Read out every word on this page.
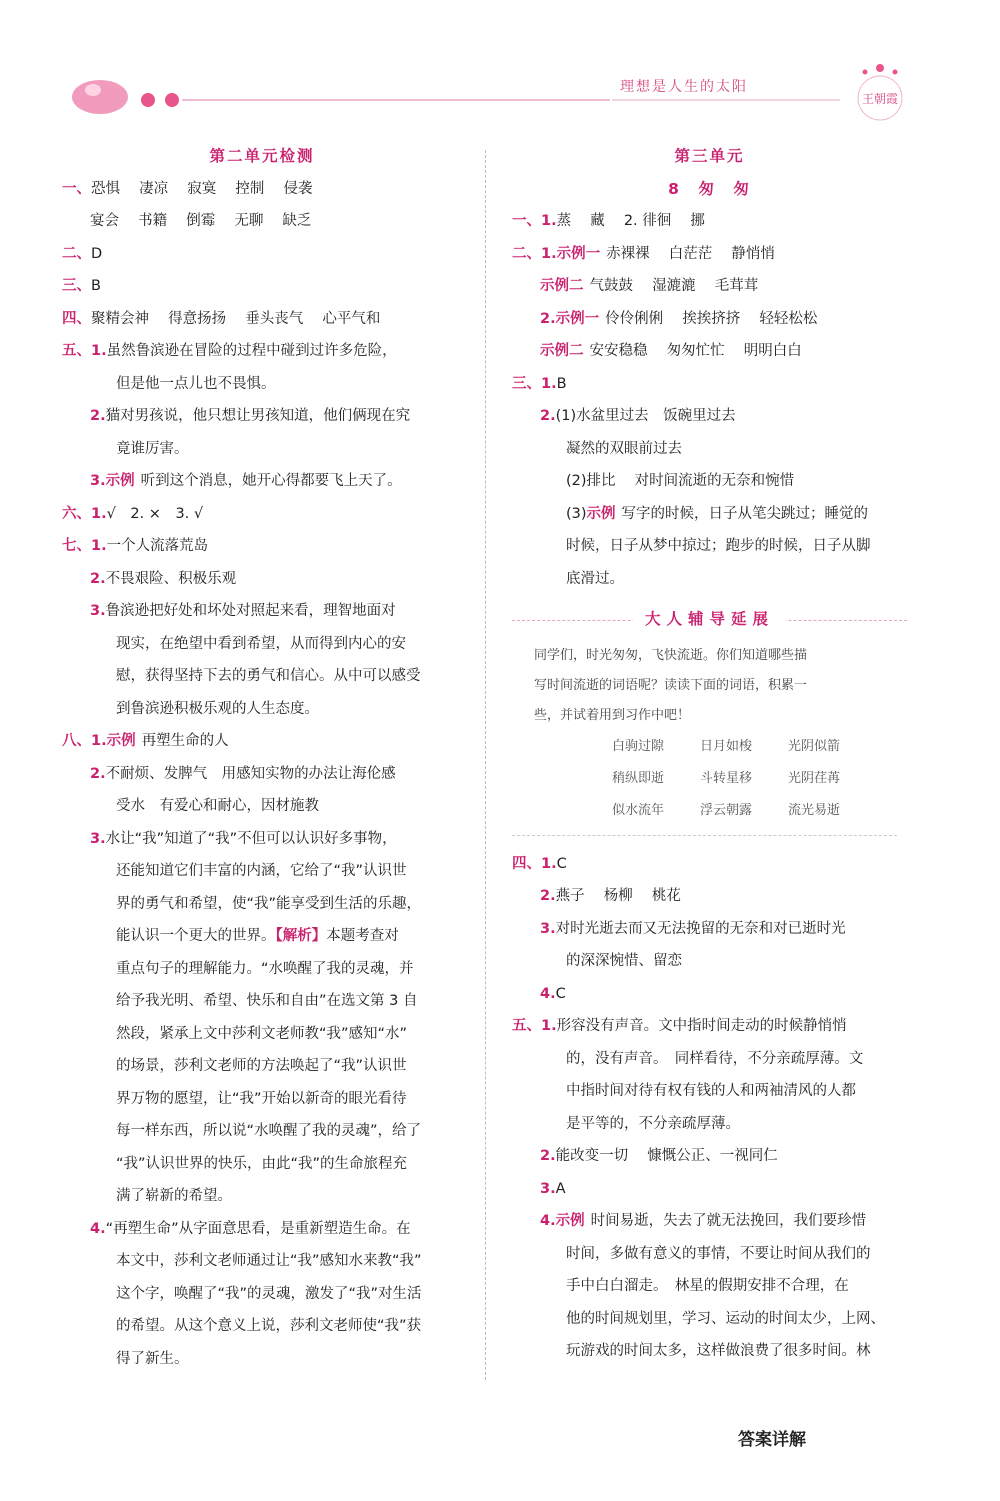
王朝霞
理想是人生的太阳
第二单元检测
一、恐惧　 凄凉　 寂寞　 控制　 侵袭
宴会　 书籍　 倒霉　 无聊　 缺乏
二、D
三、B
四、聚精会神　 得意扬扬　 垂头丧气　 心平气和
五、1.虽然鲁滨逊在冒险的过程中碰到过许多危险，
但是他一点儿也不畏惧。
2.猫对男孩说，他只想让男孩知道，他们俩现在究
竟谁厉害。
3.示例 听到这个消息，她开心得都要飞上天了。
六、1.√　2. ×　3. √
七、1.一个人流落荒岛
2.不畏艰险、积极乐观
3.鲁滨逊把好处和坏处对照起来看，理智地面对
现实，在绝望中看到希望，从而得到内心的安
慰，获得坚持下去的勇气和信心。从中可以感受
到鲁滨逊积极乐观的人生态度。
八、1.示例 再塑生命的人
2.不耐烦、发脾气　用感知实物的办法让海伦感
受水　有爱心和耐心，因材施教
3.水让“我”知道了“我”不但可以认识好多事物，
还能知道它们丰富的内涵，它给了“我”认识世
界的勇气和希望，使“我”能享受到生活的乐趣，
能认识一个更大的世界。【解析】本题考查对
重点句子的理解能力。“水唤醒了我的灵魂，并
给予我光明、希望、快乐和自由”在选文第 3 自
然段，紧承上文中莎利文老师教“我”感知“水”
的场景，莎利文老师的方法唤起了“我”认识世
界万物的愿望，让“我”开始以新奇的眼光看待
每一样东西，所以说“水唤醒了我的灵魂”，给了
“我”认识世界的快乐，由此“我”的生命旅程充
满了崭新的希望。
4.“再塑生命”从字面意思看，是重新塑造生命。在
本文中，莎利文老师通过让“我”感知水来教“我”
这个字，唤醒了“我”的灵魂，激发了“我”对生活
的希望。从这个意义上说，莎利文老师使“我”获
得了新生。
第三单元
8　匆　匆
一、1.蒸　 藏　 2. 徘徊　 挪
二、1.示例一 赤裸裸　 白茫茫　 静悄悄
示例二 气鼓鼓　 湿漉漉　 毛茸茸
2.示例一 伶伶俐俐　 挨挨挤挤　 轻轻松松
示例二 安安稳稳　 匆匆忙忙　 明明白白
三、1.B
2.(1)水盆里过去　饭碗里过去
凝然的双眼前过去
(2)排比　 对时间流逝的无奈和惋惜
(3)示例 写字的时候，日子从笔尖跳过；睡觉的
时候，日子从梦中掠过；跑步的时候，日子从脚
底滑过。
大人辅导延展
同学们，时光匆匆，飞快流逝。你们知道哪些描
写时间流逝的词语呢？读读下面的词语，积累一
些，并试着用到习作中吧！
白驹过隙	日月如梭	光阴似箭
稍纵即逝	斗转星移	光阴荏苒
似水流年	浮云朝露	流光易逝
四、1.C
2.燕子　 杨柳　 桃花
3.对时光逝去而又无法挽留的无奈和对已逝时光
的深深惋惜、留恋
4.C
五、1.形容没有声音。文中指时间走动的时候静悄悄
的，没有声音。　同样看待，不分亲疏厚薄。文
中指时间对待有权有钱的人和两袖清风的人都
是平等的，不分亲疏厚薄。
2.能改变一切　 慷慨公正、一视同仁
3.A
4.示例 时间易逝，失去了就无法挽回，我们要珍惜
时间，多做有意义的事情，不要让时间从我们的
手中白白溜走。　林星的假期安排不合理，在
他的时间规划里，学习、运动的时间太少，上网、
玩游戏的时间太多，这样做浪费了很多时间。林
答案详解
